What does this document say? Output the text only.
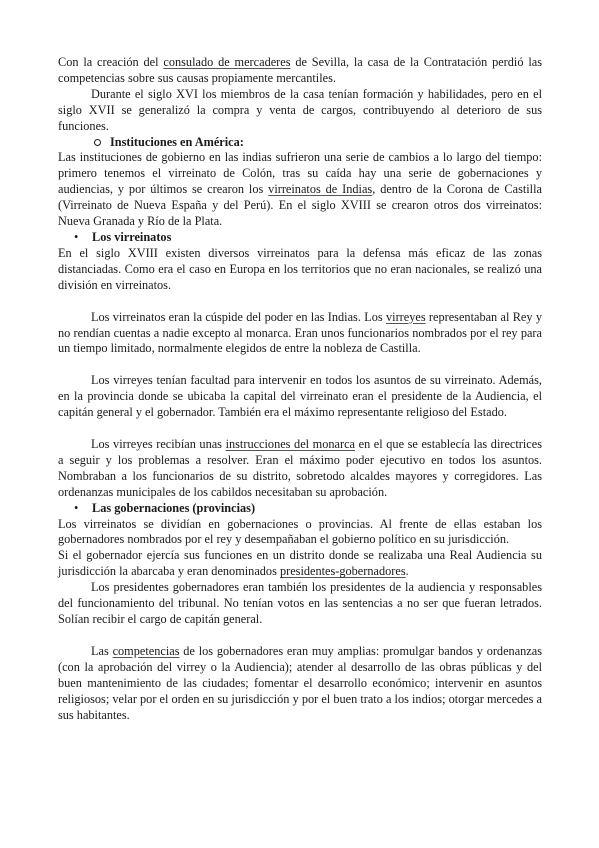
Con la creación del consulado de mercaderes de Sevilla, la casa de la Contratación perdió las competencias sobre sus causas propiamente mercantiles.

Durante el siglo XVI los miembros de la casa tenían formación y habilidades, pero en el siglo XVII se generalizó la compra y venta de cargos, contribuyendo al deterioro de sus funciones.

Instituciones en América:

Las instituciones de gobierno en las indias sufrieron una serie de cambios a lo largo del tiempo: primero tenemos el virreinato de Colón, tras su caída hay una serie de gobernaciones y audiencias, y por últimos se crearon los virreinatos de Indias, dentro de la Corona de Castilla (Virreinato de Nueva España y del Perú). En el siglo XVIII se crearon otros dos virreinatos: Nueva Granada y Río de la Plata.

• Los virreinatos

En el siglo XVIII existen diversos virreinatos para la defensa más eficaz de las zonas distanciadas. Como era el caso en Europa en los territorios que no eran nacionales, se realizó una división en virreinatos.

Los virreinatos eran la cúspide del poder en las Indias. Los virreyes representaban al Rey y no rendían cuentas a nadie excepto al monarca. Eran unos funcionarios nombrados por el rey para un tiempo limitado, normalmente elegidos de entre la nobleza de Castilla.

Los virreyes tenían facultad para intervenir en todos los asuntos de su virreinato. Además, en la provincia donde se ubicaba la capital del virreinato eran el presidente de la Audiencia, el capitán general y el gobernador. También era el máximo representante religioso del Estado.

Los virreyes recibían unas instrucciones del monarca en el que se establecía las directrices a seguir y los problemas a resolver. Eran el máximo poder ejecutivo en todos los asuntos. Nombraban a los funcionarios de su distrito, sobretodo alcaldes mayores y corregidores. Las ordenanzas municipales de los cabildos necesitaban su aprobación.

• Las gobernaciones (provincias)

Los virreinatos se dividían en gobernaciones o provincias. Al frente de ellas estaban los gobernadores nombrados por el rey y desempañaban el gobierno político en su jurisdicción.

Si el gobernador ejercía sus funciones en un distrito donde se realizaba una Real Audiencia su jurisdicción la abarcaba y eran denominados presidentes-gobernadores.

Los presidentes gobernadores eran también los presidentes de la audiencia y responsables del funcionamiento del tribunal. No tenían votos en las sentencias a no ser que fueran letrados. Solían recibir el cargo de capitán general.

Las competencias de los gobernadores eran muy amplias: promulgar bandos y ordenanzas (con la aprobación del virrey o la Audiencia); atender al desarrollo de las obras públicas y del buen mantenimiento de las ciudades; fomentar el desarrollo económico; intervenir en asuntos religiosos; velar por el orden en su jurisdicción y por el buen trato a los indios; otorgar mercedes a sus habitantes.
